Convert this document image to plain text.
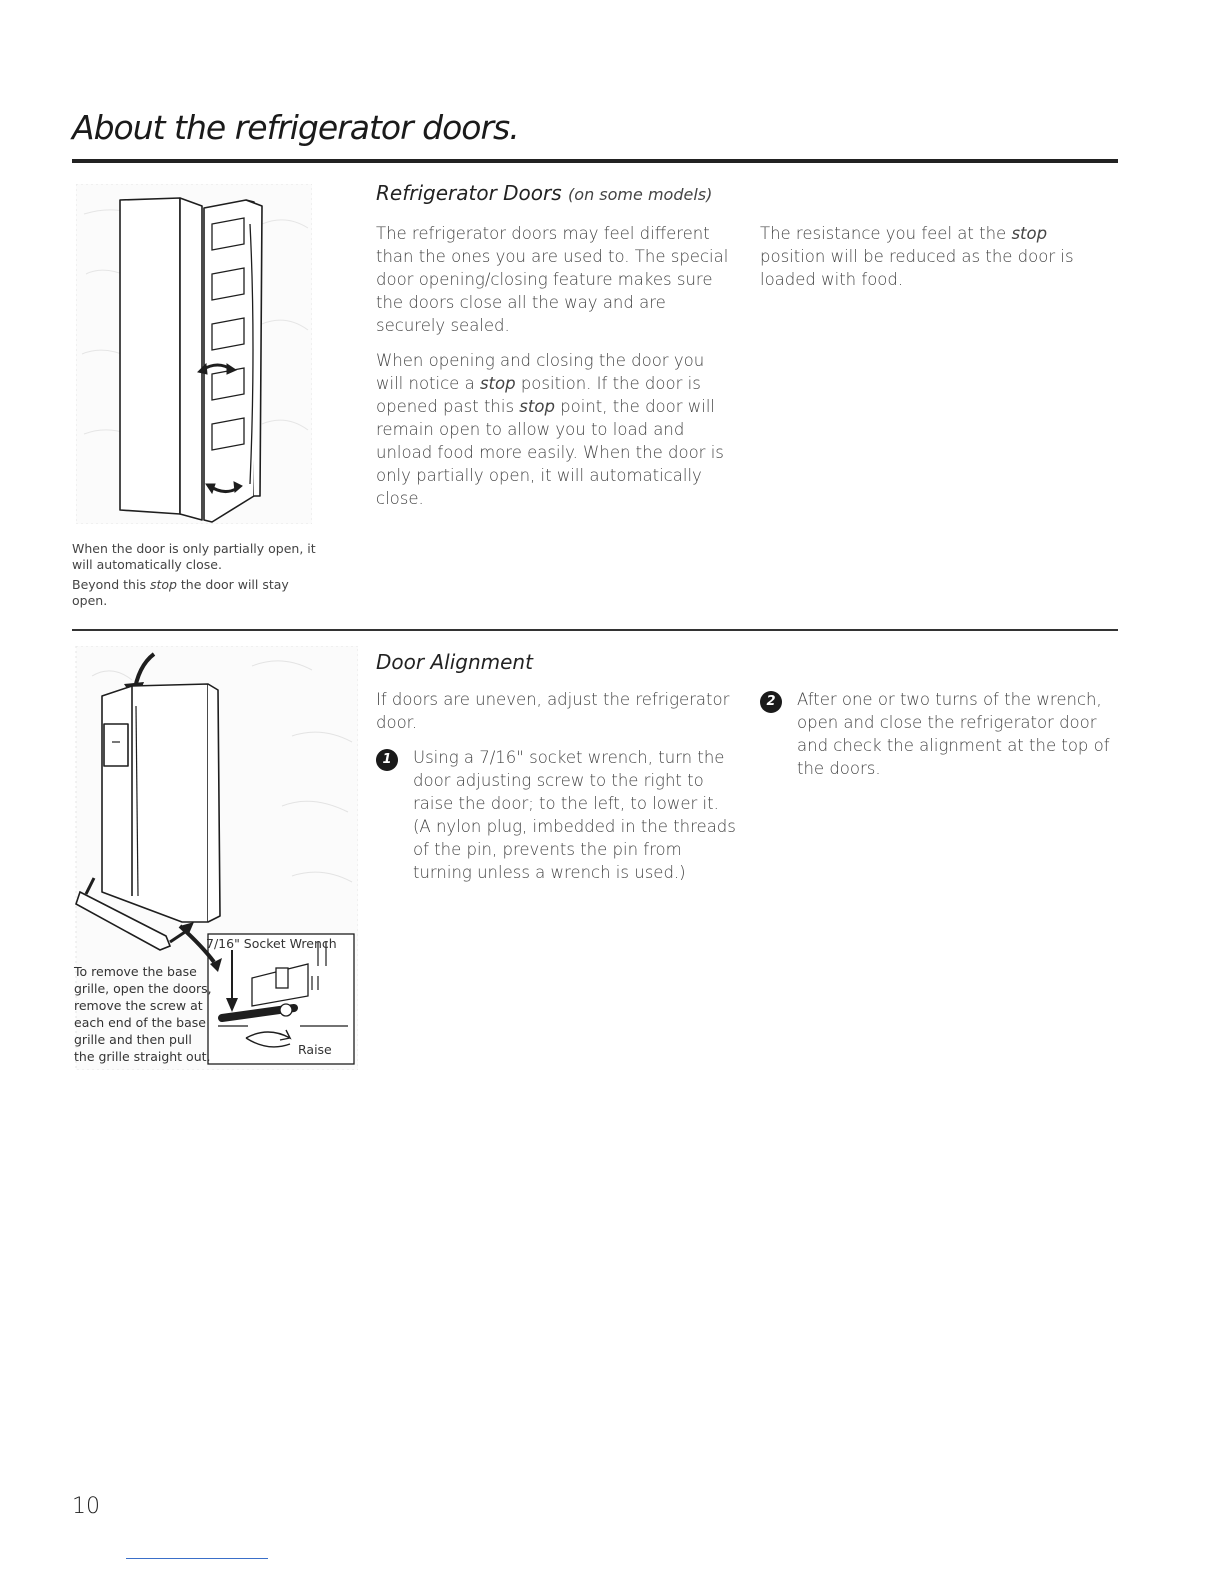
About the refrigerator doors.

When the door is only partially open, it will automatically close.

Beyond this stop the door will stay open.

Refrigerator Doors (on some models)

The refrigerator doors may feel different than the ones you are used to. The special door opening/closing feature makes sure the doors close all the way and are securely sealed.

When opening and closing the door you will notice a stop position. If the door is opened past this stop point, the door will remain open to allow you to load and unload food more easily. When the door is only partially open, it will automatically close.

The resistance you feel at the stop position will be reduced as the door is loaded with food.

7/16" Socket Wrench
Raise
To remove the base
grille, open the doors,
remove the screw at
each end of the base
grille and then pull
the grille straight out.
Door Alignment

If doors are uneven, adjust the refrigerator door.

1	Using a 7/16" socket wrench, turn the door adjusting screw to the right to raise the door; to the left, to lower it. (A nylon plug, imbedded in the threads of the pin, prevents the pin from turning unless a wrench is used.)

2	After one or two turns of the wrench, open and close the refrigerator door and check the alignment at the top of the doors.

10
